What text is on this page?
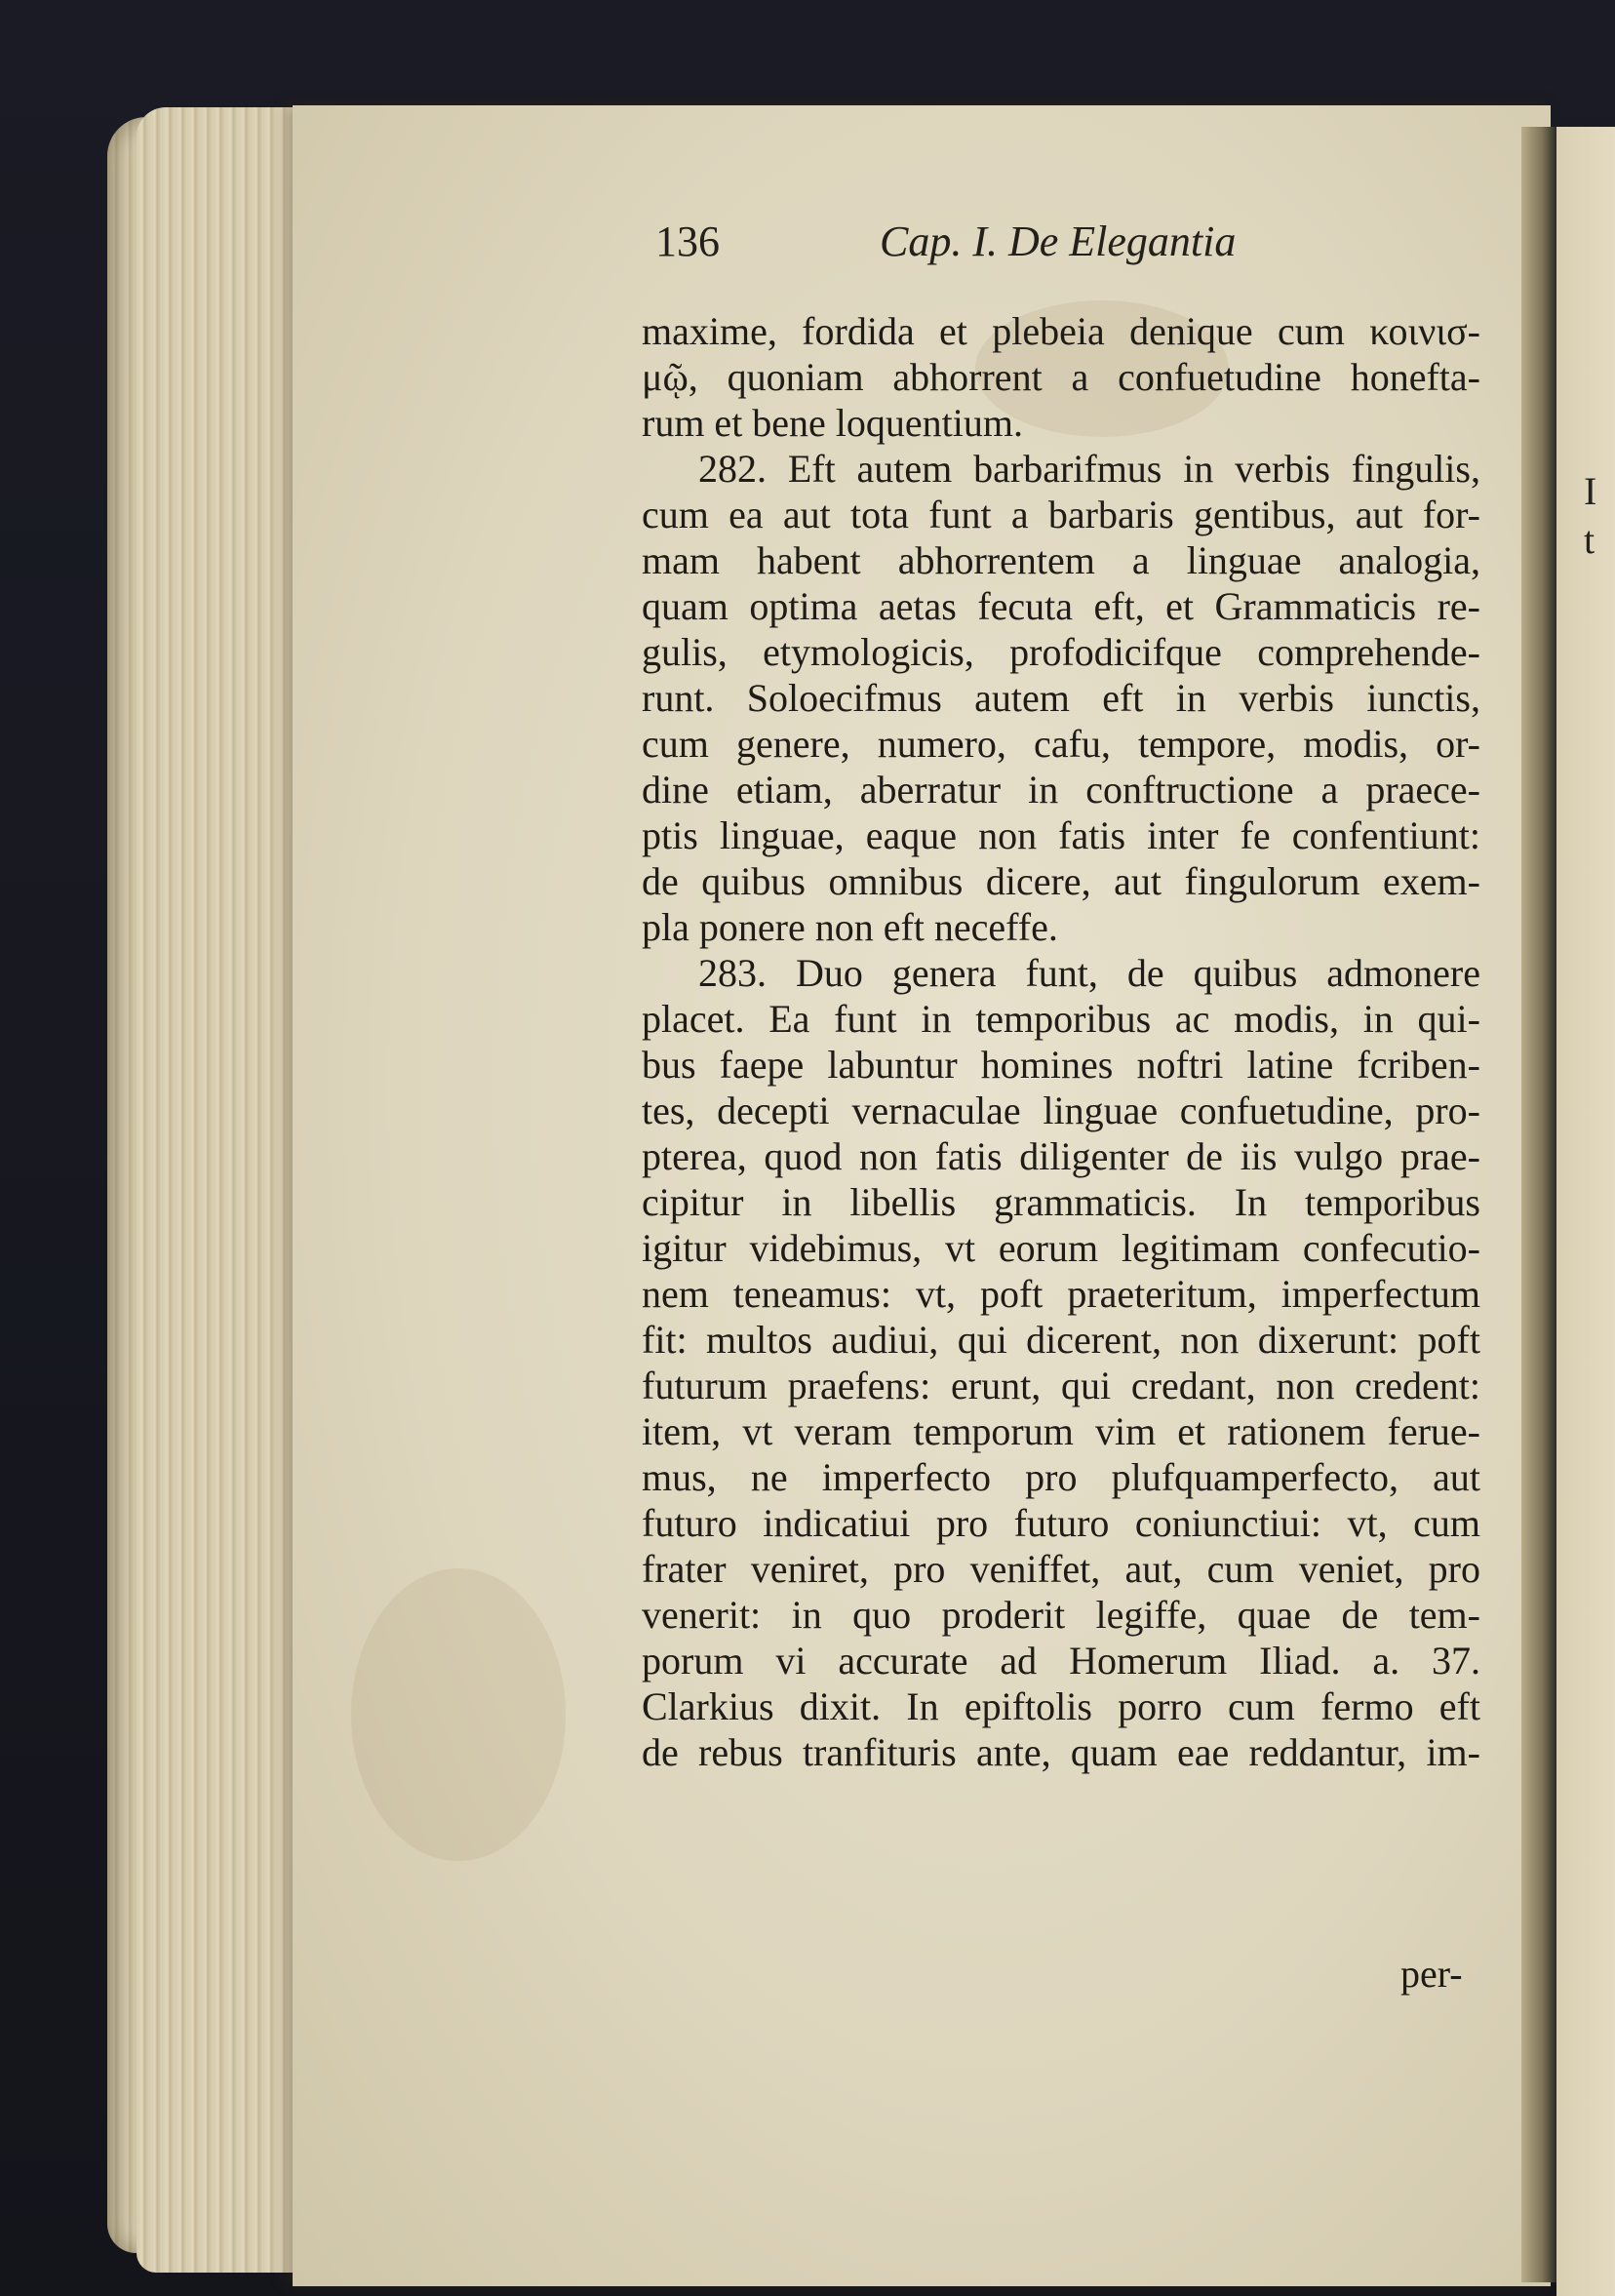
I
t
136	Cap. I. De Elegantia
maxime, fordida et plebeia denique cum κοινισ-
μῷ, quoniam abhorrent a confuetudine honefta-
rum et bene loquentium.
282. Eft autem barbarifmus in verbis fingulis,
cum ea aut tota funt a barbaris gentibus, aut for-
mam habent abhorrentem a linguae analogia,
quam optima aetas fecuta eft, et Grammaticis re-
gulis, etymologicis, profodicifque comprehende-
runt. Soloecifmus autem eft in verbis iunctis,
cum genere, numero, cafu, tempore, modis, or-
dine etiam, aberratur in conftructione a praece-
ptis linguae, eaque non fatis inter fe confentiunt:
de quibus omnibus dicere, aut fingulorum exem-
pla ponere non eft neceffe.
283. Duo genera funt, de quibus admonere
placet. Ea funt in temporibus ac modis, in qui-
bus faepe labuntur homines noftri latine fcriben-
tes, decepti vernaculae linguae confuetudine, pro-
pterea, quod non fatis diligenter de iis vulgo prae-
cipitur in libellis grammaticis. In temporibus
igitur videbimus, vt eorum legitimam confecutio-
nem teneamus: vt, poft praeteritum, imperfectum
fit: multos audiui, qui dicerent, non dixerunt: poft
futurum praefens: erunt, qui credant, non credent:
item, vt veram temporum vim et rationem ferue-
mus, ne imperfecto pro plufquamperfecto, aut
futuro indicatiui pro futuro coniunctiui: vt, cum
frater veniret, pro veniffet, aut, cum veniet, pro
venerit: in quo proderit legiffe, quae de tem-
porum vi accurate ad Homerum Iliad. a. 37.
Clarkius dixit. In epiftolis porro cum fermo eft
de rebus tranfituris ante, quam eae reddantur, im-
per-
